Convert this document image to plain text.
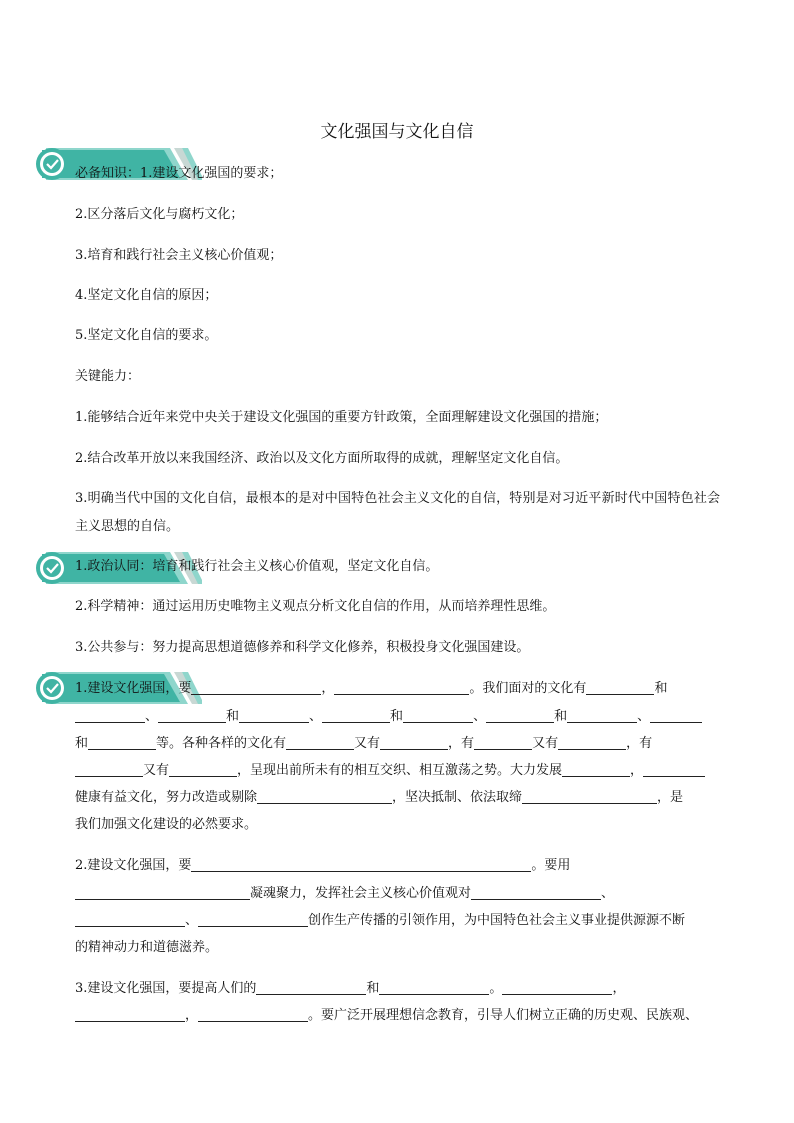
文化强国与文化自信
必备知识：1.建设文化强国的要求；
2.区分落后文化与腐朽文化；
3.培育和践行社会主义核心价值观；
4.坚定文化自信的原因；
5.坚定文化自信的要求。
关键能力：
1.能够结合近年来党中央关于建设文化强国的重要方针政策，全面理解建设文化强国的措施；
2.结合改革开放以来我国经济、政治以及文化方面所取得的成就，理解坚定文化自信。
3.明确当代中国的文化自信，最根本的是对中国特色社会主义文化的自信，特别是对习近平新时代中国特色社会主义思想的自信。
1.政治认同：培育和践行社会主义核心价值观，坚定文化自信。
2.科学精神：通过运用历史唯物主义观点分析文化自信的作用，从而培养理性思维。
3.公共参与：努力提高思想道德修养和科学文化修养，积极投身文化强国建设。
1.建设文化强国，要	，	。我们面对的文化有	和
、	和	、	和	、	和	、
和	等。各种各样的文化有	又有	，有	又有	，有
又有	，呈现出前所未有的相互交织、相互激荡之势。大力发展	，
健康有益文化，努力改造或剔除	，坚决抵制、依法取缔	，是
我们加强文化建设的必然要求。
2.建设文化强国，要	。要用
凝魂聚力，发挥社会主义核心价值观对	、
、	创作生产传播的引领作用，为中国特色社会主义事业提供源源不断
的精神动力和道德滋养。
3.建设文化强国，要提高人们的	和	。	，
，	。要广泛开展理想信念教育，引导人们树立正确的历史观、民族观、
